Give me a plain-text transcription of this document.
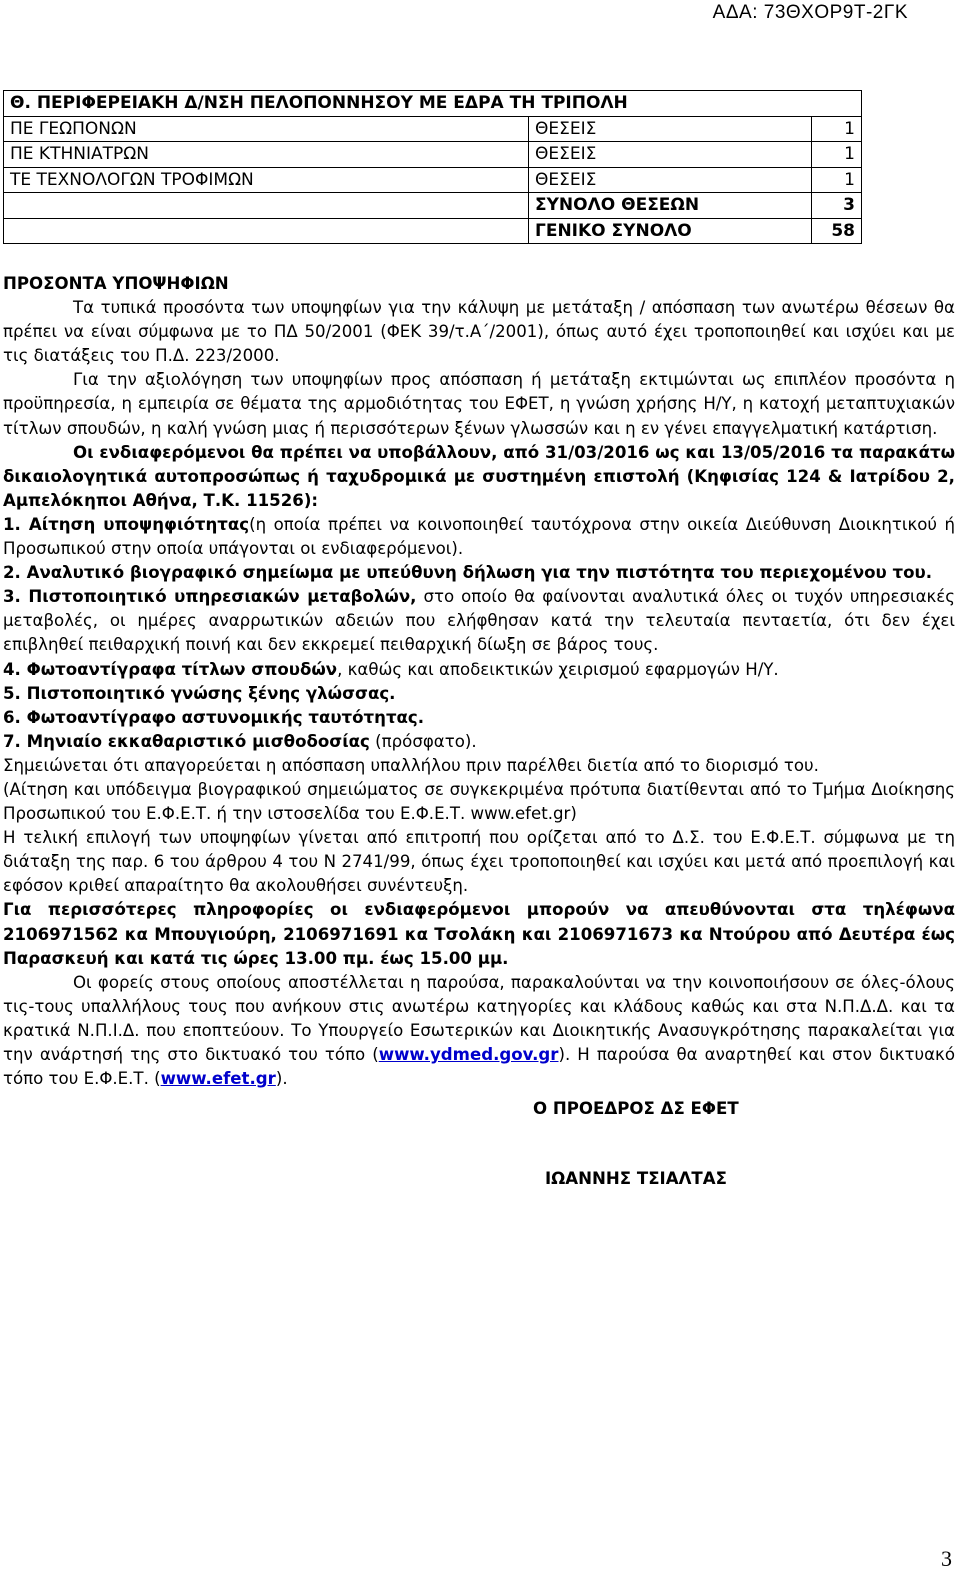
ΑΔΑ: 73ΘΧΟΡ9Τ-2ΓΚ
Θ. ΠΕΡΙΦΕΡΕΙΑΚΗ Δ/ΝΣΗ ΠΕΛΟΠΟΝΝΗΣΟΥ ΜΕ ΕΔΡΑ ΤΗ ΤΡΙΠΟΛΗ		
ΠΕ ΓΕΩΠΟΝΩΝ	ΘΕΣΕΙΣ	1
ΠΕ ΚΤΗΝΙΑΤΡΩΝ	ΘΕΣΕΙΣ	1
ΤΕ ΤΕΧΝΟΛΟΓΩΝ ΤΡΟΦΙΜΩΝ	ΘΕΣΕΙΣ	1
	ΣΥΝΟΛΟ ΘΕΣΕΩΝ	3
	ΓΕΝΙΚΟ ΣΥΝΟΛΟ	58

ΠΡΟΣΟΝΤΑ ΥΠΟΨΗΦΙΩΝ

Τα τυπικά προσόντα των υποψηφίων για την κάλυψη με μετάταξη / απόσπαση των ανωτέρω θέσεων θα πρέπει να είναι σύμφωνα με το ΠΔ 50/2001 (ΦΕΚ 39/τ.Α΄/2001), όπως αυτό έχει τροποποιηθεί και ισχύει και με τις διατάξεις του Π.Δ. 223/2000.

Για την αξιολόγηση των υποψηφίων προς απόσπαση ή μετάταξη εκτιμώνται ως επιπλέον προσόντα η προϋπηρεσία, η εμπειρία σε θέματα της αρμοδιότητας του ΕΦΕΤ, η γνώση χρήσης Η/Υ, η κατοχή μεταπτυχιακών τίτλων σπουδών, η καλή γνώση μιας ή περισσότερων ξένων γλωσσών και η εν γένει επαγγελματική κατάρτιση.

Οι ενδιαφερόμενοι θα πρέπει να υποβάλλουν, από 31/03/2016 ως και 13/05/2016 τα παρακάτω δικαιολογητικά αυτοπροσώπως ή ταχυδρομικά με συστημένη επιστολή (Κηφισίας 124 & Ιατρίδου 2, Αμπελόκηποι Αθήνα, Τ.Κ. 11526):

1. Αίτηση υποψηφιότητας(η οποία πρέπει να κοινοποιηθεί ταυτόχρονα στην οικεία Διεύθυνση Διοικητικού ή Προσωπικού στην οποία υπάγονται οι ενδιαφερόμενοι).

2. Αναλυτικό βιογραφικό σημείωμα με υπεύθυνη δήλωση για την πιστότητα του περιεχομένου του.

3. Πιστοποιητικό υπηρεσιακών μεταβολών, στο οποίο θα φαίνονται αναλυτικά όλες οι τυχόν υπηρεσιακές μεταβολές, οι ημέρες αναρρωτικών αδειών που ελήφθησαν κατά την τελευταία πενταετία, ότι δεν έχει επιβληθεί πειθαρχική ποινή και δεν εκκρεμεί πειθαρχική δίωξη σε βάρος τους.

4. Φωτοαντίγραφα τίτλων σπουδών, καθώς και αποδεικτικών χειρισμού εφαρμογών Η/Υ.

5. Πιστοποιητικό γνώσης ξένης γλώσσας.

6. Φωτοαντίγραφο αστυνομικής ταυτότητας.

7. Μηνιαίο εκκαθαριστικό μισθοδοσίας (πρόσφατο).

Σημειώνεται ότι απαγορεύεται η απόσπαση υπαλλήλου πριν παρέλθει διετία από το διορισμό του.

(Αίτηση και υπόδειγμα βιογραφικού σημειώματος σε συγκεκριμένα πρότυπα διατίθενται από το Τμήμα Διοίκησης Προσωπικού του Ε.Φ.Ε.Τ. ή την ιστοσελίδα του Ε.Φ.Ε.Τ. www.efet.gr)

Η τελική επιλογή των υποψηφίων γίνεται από επιτροπή που ορίζεται από το Δ.Σ. του Ε.Φ.Ε.Τ. σύμφωνα με τη διάταξη της παρ. 6 του άρθρου 4 του Ν 2741/99, όπως έχει τροποποιηθεί και ισχύει και μετά από προεπιλογή και εφόσον κριθεί απαραίτητο θα ακολουθήσει συνέντευξη.

Για περισσότερες πληροφορίες οι ενδιαφερόμενοι μπορούν να απευθύνονται στα τηλέφωνα 2106971562 κα Μπουγιούρη, 2106971691 κα Τσολάκη και 2106971673 κα Ντούρου από Δευτέρα έως Παρασκευή και κατά τις ώρες 13.00 πμ. έως 15.00 μμ.

Οι φορείς στους οποίους αποστέλλεται η παρούσα, παρακαλούνται να την κοινοποιήσουν σε όλες-όλους τις-τους υπαλλήλους τους που ανήκουν στις ανωτέρω κατηγορίες και κλάδους καθώς και στα Ν.Π.Δ.Δ. και τα κρατικά Ν.Π.Ι.Δ. που εποπτεύουν. Το Υπουργείο Εσωτερικών και Διοικητικής Ανασυγκρότησης παρακαλείται για την ανάρτησή της στο δικτυακό του τόπο (www.ydmed.gov.gr). Η παρούσα θα αναρτηθεί και στον δικτυακό τόπο του Ε.Φ.Ε.Τ. (www.efet.gr).

Ο ΠΡΟΕΔΡΟΣ ΔΣ ΕΦΕΤ

ΙΩΑΝΝΗΣ ΤΣΙΑΛΤΑΣ

3
